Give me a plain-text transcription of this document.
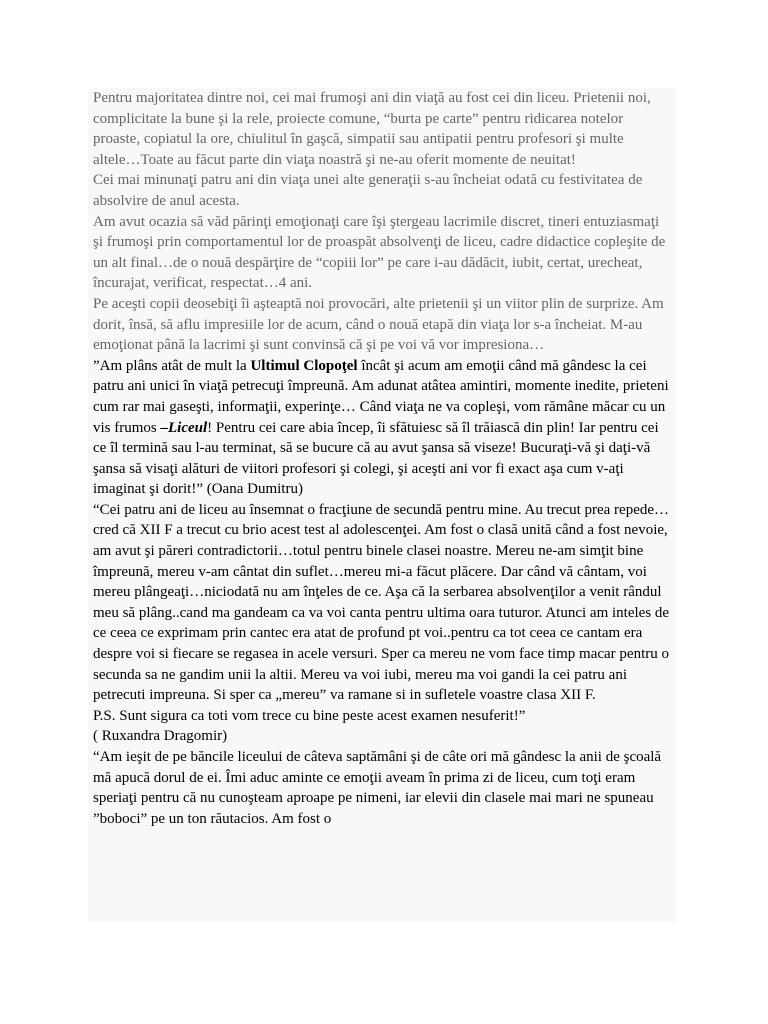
Pentru majoritatea dintre noi, cei mai frumoşi ani din viaţă au fost cei din liceu. Prietenii noi, complicitate la bune şi la rele, proiecte comune, “burta pe carte” pentru ridicarea notelor proaste, copiatul la ore, chiulitul în gaşcă, simpatii sau antipatii pentru profesori şi multe altele…Toate au făcut parte din viaţa noastră şi ne-au oferit momente de neuitat!

Cei mai minunaţi patru ani din viaţa unei alte generaţii s-au încheiat odată cu festivitatea de absolvire de anul acesta.

Am avut ocazia să văd părinţi emoţionaţi care îşi ştergeau lacrimile discret, tineri entuziasmaţi şi frumoşi prin comportamentul lor de proaspăt absolvenţi de liceu, cadre didactice copleşite de un alt final…de o nouă despărţire de “copiii lor” pe care i-au dădăcit, iubit, certat, urecheat, încurajat, verificat, respectat…4 ani.

Pe aceşti copii deosebiţi îi aşteaptă noi provocări, alte prietenii şi un viitor plin de surprize. Am dorit, însă, să aflu impresiile lor de acum, când o nouă etapă din viaţa lor s-a încheiat. M-au emoţionat până la lacrimi şi sunt convinsă că şi pe voi vă vor impresiona…

”Am plâns atât de mult la Ultimul Clopoţel încât şi acum am emoţii când mă gândesc la cei patru ani unici în viaţă petrecuţi împreună. Am adunat atâtea amintiri, momente inedite, prieteni cum rar mai gaseşti, informaţii, experinţe… Când viaţa ne va copleşi, vom rămâne măcar cu un vis frumos –Liceul! Pentru cei care abia încep, îi sfătuiesc să îl trăiască din plin! Iar pentru cei ce îl termină sau l-au terminat, să se bucure că au avut şansa să viseze! Bucuraţi-vă şi daţi-vă şansa să visaţi alături de viitori profesori şi colegi, şi aceşti ani vor fi exact aşa cum v-aţi imaginat şi dorit!” (Oana Dumitru)

“Cei patru ani de liceu au însemnat o fracţiune de secundă pentru mine. Au trecut prea repede…cred că XII F a trecut cu brio acest test al adolescenţei. Am fost o clasă unită când a fost nevoie, am avut şi păreri contradictorii…totul pentru binele clasei noastre. Mereu ne-am simţit bine împreună, mereu v-am cântat din suflet…mereu mi-a făcut plăcere. Dar când vă cântam, voi mereu plângeaţi…niciodată nu am înţeles de ce. Aşa că la serbarea absolvenţilor a venit rândul meu să plâng..cand ma gandeam ca va voi canta pentru ultima oara tuturor. Atunci am inteles de ce ceea ce exprimam prin cantec era atat de profund pt voi..pentru ca tot ceea ce cantam era despre voi si fiecare se regasea in acele versuri. Sper ca mereu ne vom face timp macar pentru o secunda sa ne gandim unii la altii. Mereu va voi iubi, mereu ma voi gandi la cei patru ani petrecuti impreuna. Si sper ca „mereu” va ramane si in sufletele voastre clasa XII F.

P.S. Sunt sigura ca toti vom trece cu bine peste acest examen nesuferit!”

( Ruxandra Dragomir)

“Am ieşit de pe băncile liceului de câteva saptămâni şi de câte ori mă gândesc la anii de şcoală mă apucă dorul de ei. Îmi aduc aminte ce emoţii aveam în prima zi de liceu, cum toţi eram speriaţi pentru că nu cunoşteam aproape pe nimeni, iar elevii din clasele mai mari ne spuneau ”boboci” pe un ton răutacios. Am fost o
